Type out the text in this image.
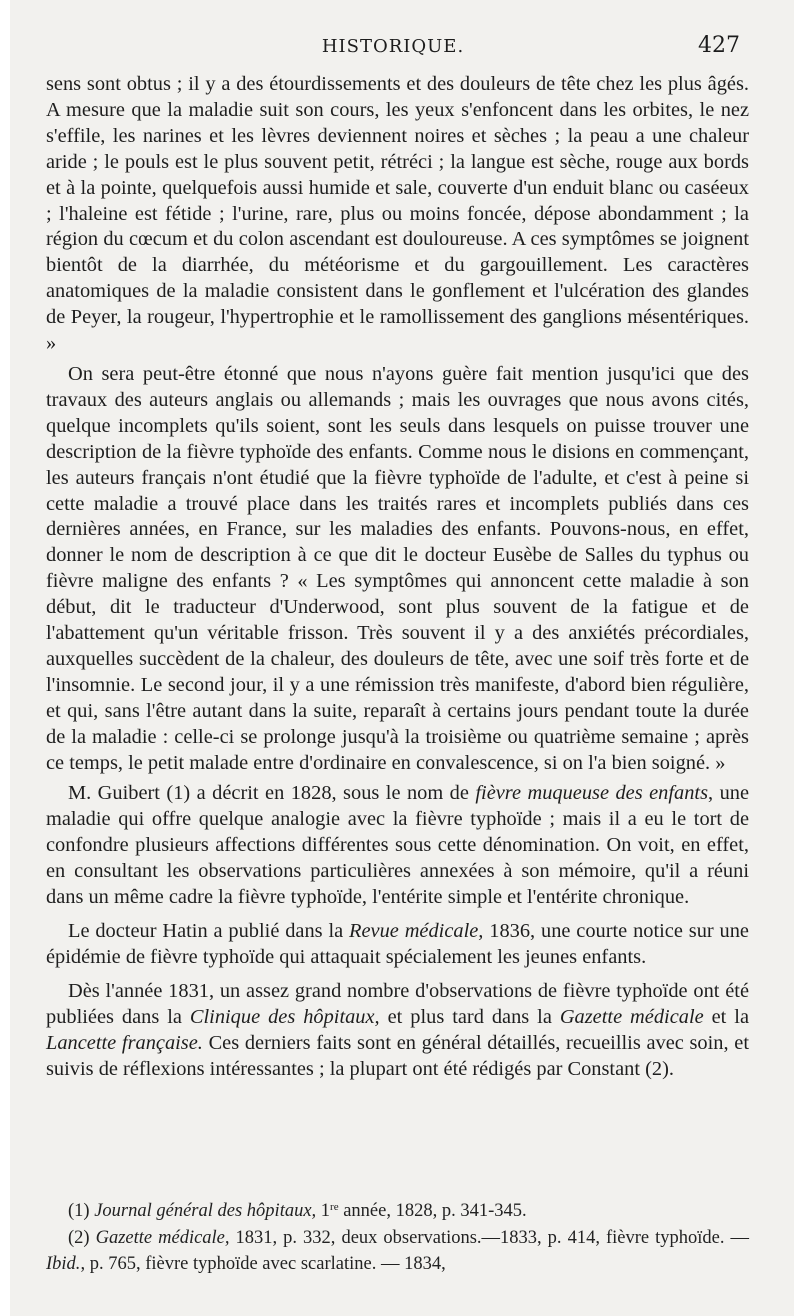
HISTORIQUE.	427

sens sont obtus ; il y a des étourdissements et des douleurs de tête chez les plus âgés. A mesure que la maladie suit son cours, les yeux s'enfoncent dans les orbites, le nez s'effile, les narines et les lèvres deviennent noires et sèches ; la peau a une chaleur aride ; le pouls est le plus souvent petit, rétréci ; la langue est sèche, rouge aux bords et à la pointe, quelquefois aussi humide et sale, couverte d'un enduit blanc ou caséeux ; l'haleine est fétide ; l'urine, rare, plus ou moins foncée, dépose abondamment ; la région du cœcum et du colon ascendant est douloureuse. A ces symptômes se joignent bientôt de la diarrhée, du météorisme et du gargouillement. Les caractères anatomiques de la maladie consistent dans le gonflement et l'ulcération des glandes de Peyer, la rougeur, l'hypertrophie et le ramollissement des ganglions mésentériques. »

On sera peut-être étonné que nous n'ayons guère fait mention jusqu'ici que des travaux des auteurs anglais ou allemands ; mais les ouvrages que nous avons cités, quelque incomplets qu'ils soient, sont les seuls dans lesquels on puisse trouver une description de la fièvre typhoïde des enfants. Comme nous le disions en commençant, les auteurs français n'ont étudié que la fièvre typhoïde de l'adulte, et c'est à peine si cette maladie a trouvé place dans les traités rares et incomplets publiés dans ces dernières années, en France, sur les maladies des enfants. Pouvons-nous, en effet, donner le nom de description à ce que dit le docteur Eusèbe de Salles du typhus ou fièvre maligne des enfants ? « Les symptômes qui annoncent cette maladie à son début, dit le traducteur d'Underwood, sont plus souvent de la fatigue et de l'abattement qu'un véritable frisson. Très souvent il y a des anxiétés précordiales, auxquelles succèdent de la chaleur, des douleurs de tête, avec une soif très forte et de l'insomnie. Le second jour, il y a une rémission très manifeste, d'abord bien régulière, et qui, sans l'être autant dans la suite, reparaît à certains jours pendant toute la durée de la maladie : celle-ci se prolonge jusqu'à la troisième ou quatrième semaine ; après ce temps, le petit malade entre d'ordinaire en convalescence, si on l'a bien soigné. »

M. Guibert (1) a décrit en 1828, sous le nom de fièvre muqueuse des enfants, une maladie qui offre quelque analogie avec la fièvre typhoïde ; mais il a eu le tort de confondre plusieurs affections différentes sous cette dénomination. On voit, en effet, en consultant les observations particulières annexées à son mémoire, qu'il a réuni dans un même cadre la fièvre typhoïde, l'entérite simple et l'entérite chronique.

Le docteur Hatin a publié dans la Revue médicale, 1836, une courte notice sur une épidémie de fièvre typhoïde qui attaquait spécialement les jeunes enfants.

Dès l'année 1831, un assez grand nombre d'observations de fièvre typhoïde ont été publiées dans la Clinique des hôpitaux, et plus tard dans la Gazette médicale et la Lancette française. Ces derniers faits sont en général détaillés, recueillis avec soin, et suivis de réflexions intéressantes ; la plupart ont été rédigés par Constant (2).

(1) Journal général des hôpitaux, 1re année, 1828, p. 341-345.

(2) Gazette médicale, 1831, p. 332, deux observations.—1833, p. 414, fièvre typhoïde. — Ibid., p. 765, fièvre typhoïde avec scarlatine. — 1834,
